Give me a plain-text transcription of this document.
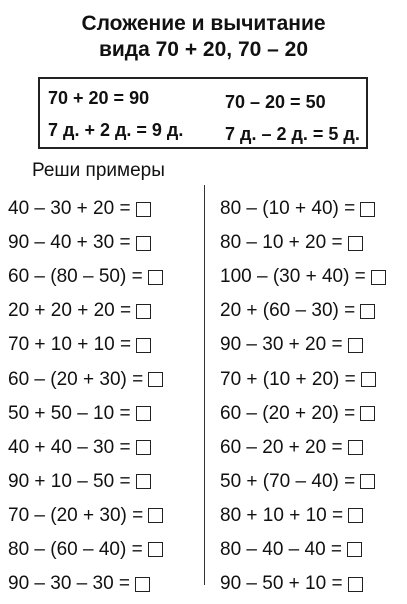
Сложение и вычитание
вида 70 + 20, 70 – 20
70 + 20 = 90	70 – 20 = 50
7 д. + 2 д. = 9 д. 7 д. – 2 д. = 5 д.
Реши примеры
40 – 30 + 20 =
90 – 40 + 30 =
60 – (80 – 50) =
20 + 20 + 20 =
70 + 10 + 10 =
60 – (20 + 30) =
50 + 50 – 10 =
40 + 40 – 30 =
90 + 10 – 50 =
70 – (20 + 30) =
80 – (60 – 40) =
90 – 30 – 30 =
80 – (10 + 40) =
80 – 10 + 20 =
100 – (30 + 40) =
20 + (60 – 30) =
90 – 30 + 20 =
70 + (10 + 20) =
60 – (20 + 20) =
60 – 20 + 20 =
50 + (70 – 40) =
80 + 10 + 10 =
80 – 40 – 40 =
90 – 50 + 10 =
